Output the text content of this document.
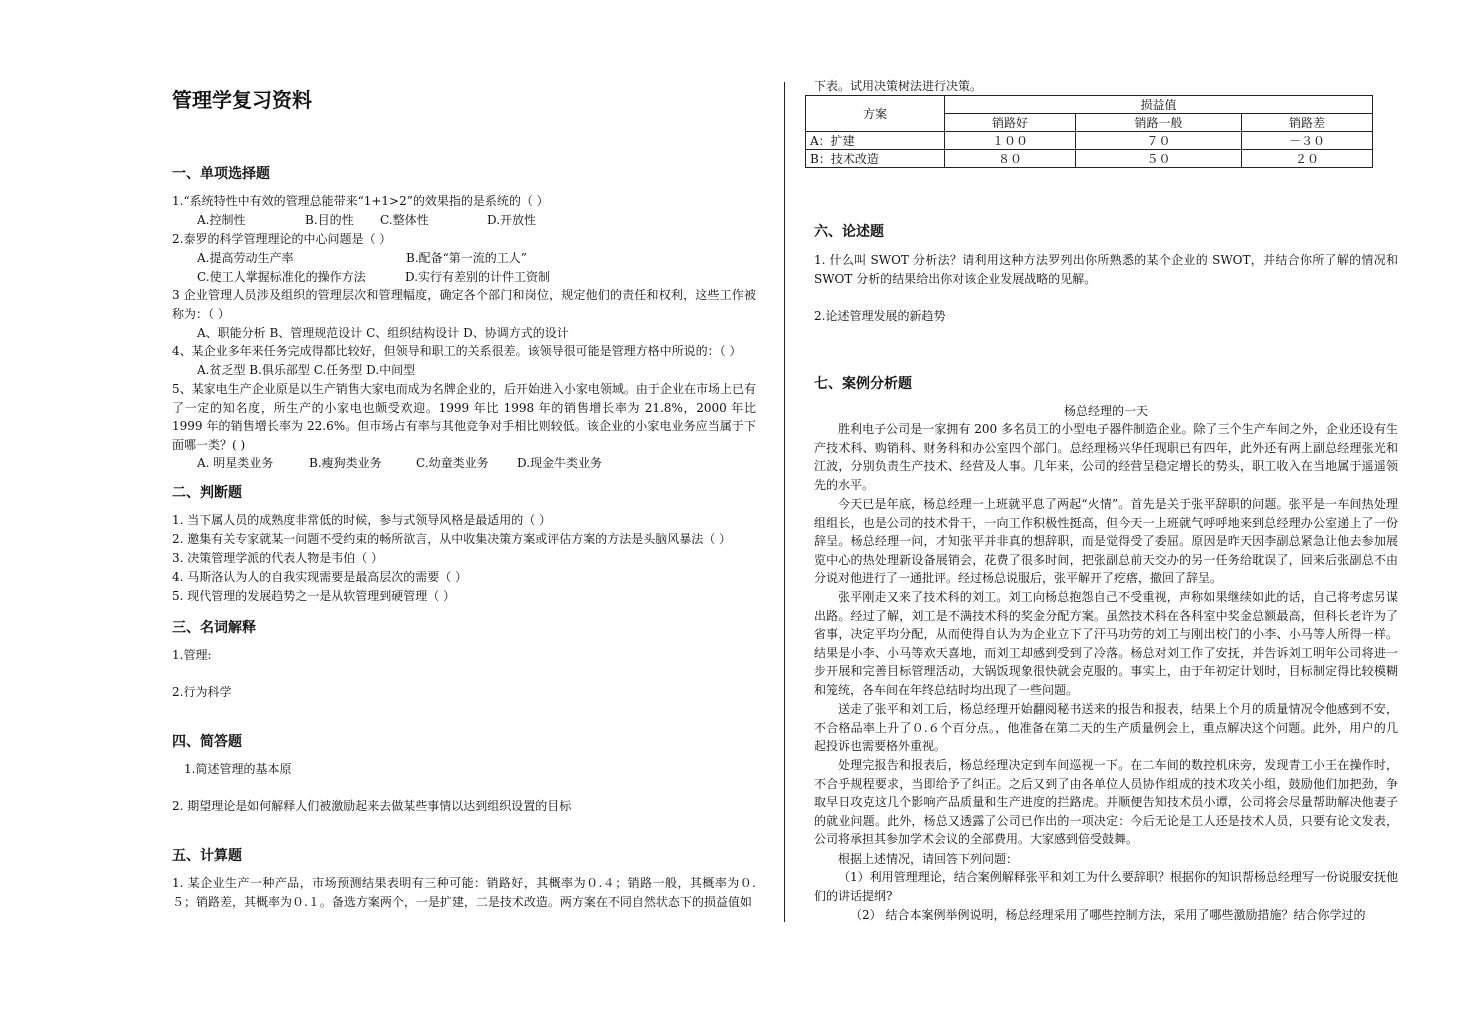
管理学复习资料
一、单项选择题
1.“系统特性中有效的管理总能带来“1+1>2”的效果指的是系统的（ ）
A.控制性	B.目的性 C.整体性	D.开放性
2.泰罗的科学管理理论的中心问题是（ ）
A.提高劳动生产率	B.配备“第一流的工人”
C.使工人掌握标准化的操作方法	D.实行有差别的计件工资制
3 企业管理人员涉及组织的管理层次和管理幅度，确定各个部门和岗位，规定他们的责任和权利，这些工作被称为：（ ）
A、职能分析 B、管理规范设计 C、组织结构设计 D、协调方式的设计
4、某企业多年来任务完成得都比较好，但领导和职工的关系很差。该领导很可能是管理方格中所说的：（ ）
A.贫乏型 B.俱乐部型 C.任务型 D.中间型
5、某家电生产企业原是以生产销售大家电而成为名牌企业的，后开始进入小家电领域。由于企业在市场上已有了一定的知名度，所生产的小家电也颇受欢迎。1999 年比 1998 年的销售增长率为 21.8%，2000 年比 1999 年的销售增长率为 22.6%。但市场占有率与其他竞争对手相比则较低。该企业的小家电业务应当属于下面哪一类？( )
A. 明星类业务	B.瘦狗类业务	C.幼童类业务 D.现金牛类业务
二、判断题
1. 当下属人员的成熟度非常低的时候，参与式领导风格是最适用的（ ）
2. 邀集有关专家就某一问题不受约束的畅所欲言，从中收集决策方案或评估方案的方法是头脑风暴法（ ）
3. 决策管理学派的代表人物是韦伯（ ）
4. 马斯洛认为人的自我实现需要是最高层次的需要（ ）
5. 现代管理的发展趋势之一是从软管理到硬管理（ ）
三、名词解释
1.管理:
2.行为科学
四、简答题
1.简述管理的基本原
2. 期望理论是如何解释人们被激励起来去做某些事情以达到组织设置的目标
五、计算题
1. 某企业生产一种产品，市场预测结果表明有三种可能：销路好，其概率为０.４；销路一般，其概率为０.５；销路差，其概率为０.１。备选方案两个，一是扩建，二是技术改造。两方案在不同自然状态下的损益值如
下表。试用决策树法进行决策。
方案	损益值		
	销路好	销路一般	销路差
A：扩建	１００	７０	－３０
B：技术改造	８０	５０	２０
六、论述题
1. 什么叫 SWOT 分析法？请利用这种方法罗列出你所熟悉的某个企业的 SWOT，并结合你所了解的情况和 SWOT 分析的结果给出你对该企业发展战略的见解。
2.论述管理发展的新趋势
七、案例分析题
杨总经理的一天
胜利电子公司是一家拥有 200 多名员工的小型电子器件制造企业。除了三个生产车间之外，企业还设有生产技术科、购销科、财务科和办公室四个部门。总经理杨兴华任现职已有四年，此外还有两上副总经理张光和江波，分别负责生产技术、经营及人事。几年来，公司的经营呈稳定增长的势头，职工收入在当地属于遥遥领先的水平。
今天已是年底，杨总经理一上班就平息了两起“火情”。首先是关于张平辞职的问题。张平是一车间热处理组组长，也是公司的技术骨干，一向工作积极性挺高，但今天一上班就气呼呼地来到总经理办公室递上了一份辞呈。杨总经理一问，才知张平并非真的想辞职，而是觉得受了委屈。原因是昨天因李副总紧急让他去参加展览中心的热处理新设备展销会，花费了很多时间，把张副总前天交办的另一任务给耽误了，回来后张副总不由分说对他进行了一通批评。经过杨总说服后，张平解开了疙瘩，撤回了辞呈。
张平刚走又来了技术科的刘工。刘工向杨总抱怨自己不受重视，声称如果继续如此的话，自己将考虑另谋出路。经过了解，刘工是不满技术科的奖金分配方案。虽然技术科在各科室中奖金总额最高，但科长老许为了省事，决定平均分配，从而使得自认为为企业立下了汗马功劳的刘工与刚出校门的小李、小马等人所得一样。结果是小李、小马等欢天喜地，而刘工却感到受到了冷落。杨总对刘工作了安抚，并告诉刘工明年公司将进一步开展和完善目标管理活动，大锅饭现象很快就会克服的。事实上，由于年初定计划时，目标制定得比较模糊和笼统，各车间在年终总结时均出现了一些问题。
送走了张平和刘工后，杨总经理开始翻阅秘书送来的报告和报表，结果上个月的质量情况令他感到不安，不合格品率上升了０.６个百分点。，他准备在第二天的生产质量例会上，重点解决这个问题。此外，用户的几起投诉也需要格外重视。
处理完报告和报表后，杨总经理决定到车间巡视一下。在二车间的数控机床旁，发现青工小王在操作时，不合乎规程要求，当即给予了纠正。之后又到了由各单位人员协作组成的技术攻关小组，鼓励他们加把劲，争取早日攻克这几个影响产品质量和生产进度的拦路虎。并顺便告知技术员小谭，公司将会尽量帮助解决他妻子的就业问题。此外，杨总又透露了公司已作出的一项决定：今后无论是工人还是技术人员，只要有论文发表，公司将承担其参加学术会议的全部费用。大家感到倍受鼓舞。
根据上述情况，请回答下列问题：
（1）利用管理理论，结合案例解释张平和刘工为什么要辞职？根据你的知识帮杨总经理写一份说服安抚他们的讲话提纲?
（2） 结合本案例举例说明，杨总经理采用了哪些控制方法，采用了哪些激励措施？结合你学过的
